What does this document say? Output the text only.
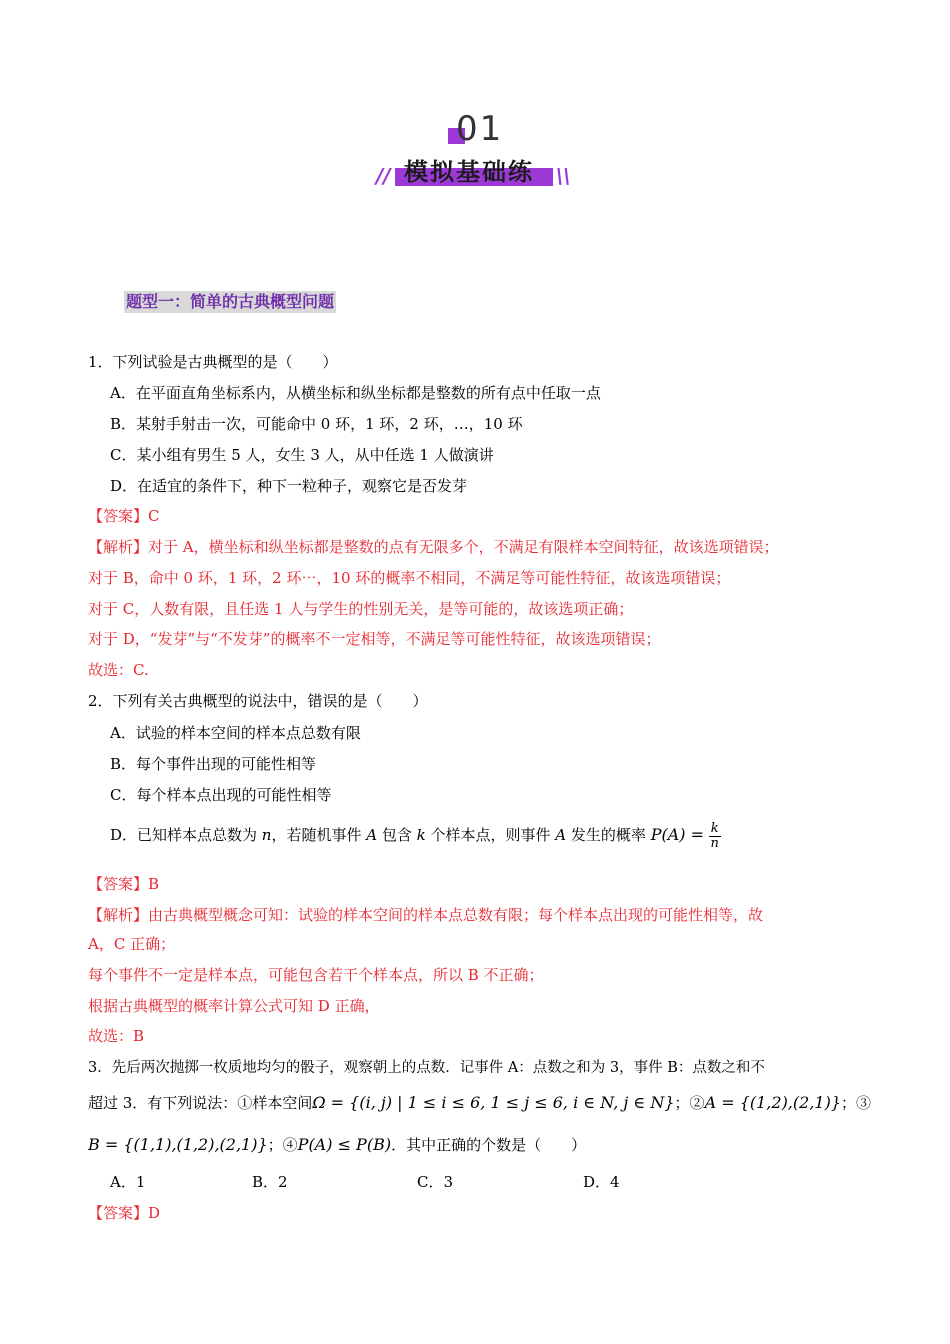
01
// 模拟基础练 \\
题型一：简单的古典概型问题
1．下列试验是古典概型的是（　　）
A．在平面直角坐标系内，从横坐标和纵坐标都是整数的所有点中任取一点
B．某射手射击一次，可能命中 0 环，1 环，2 环，…，10 环
C．某小组有男生 5 人，女生 3 人，从中任选 1 人做演讲
D．在适宜的条件下，种下一粒种子，观察它是否发芽
【答案】C
【解析】对于 A，横坐标和纵坐标都是整数的点有无限多个，不满足有限样本空间特征，故该选项错误；
对于 B，命中 0 环，1 环，2 环⋯，10 环的概率不相同，不满足等可能性特征，故该选项错误；
对于 C，人数有限，且任选 1 人与学生的性别无关，是等可能的，故该选项正确；
对于 D，“发芽”与“不发芽”的概率不一定相等，不满足等可能性特征，故该选项错误；
故选：C.
2．下列有关古典概型的说法中，错误的是（　　）
A．试验的样本空间的样本点总数有限
B．每个事件出现的可能性相等
C．每个样本点出现的可能性相等
D．已知样本点总数为 n，若随机事件 A 包含 k 个样本点，则事件 A 发生的概率 $P(A) = \frac{k}{n}$
【答案】B
【解析】由古典概型概念可知：试验的样本空间的样本点总数有限；每个样本点出现的可能性相等，故
A，C 正确；
每个事件不一定是样本点，可能包含若干个样本点，所以 B 不正确；
根据古典概型的概率计算公式可知 D 正确，
故选：B
3．先后两次抛掷一枚质地均匀的骰子，观察朝上的点数．记事件 A：点数之和为 3，事件 B：点数之和不
超过 3．有下列说法：①样本空间Ω = {(i, j) | 1 ≤ i ≤ 6, 1 ≤ j ≤ 6, i ∈ N, j ∈ N}；②A = {(1,2),(2,1)}；③
B = {(1,1),(1,2),(2,1)}；④P(A) ≤ P(B)．其中正确的个数是（　　）
A．1	B．2	C．3	D．4
【答案】D
